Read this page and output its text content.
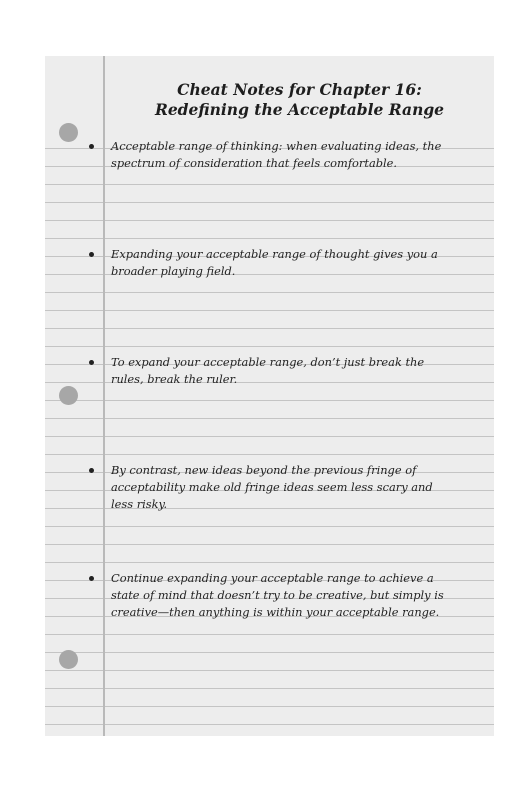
Cheat Notes for Chapter 16:
Redefining the Acceptable Range
Acceptable range of thinking: when evaluating ideas, the spectrum of consideration that feels comfortable.
Expanding your acceptable range of thought gives you a broader playing field.
To expand your acceptable range, don’t just break the rules, break the ruler.
By contrast, new ideas beyond the previous fringe of acceptability make old fringe ideas seem less scary and less risky.
Continue expanding your acceptable range to achieve a state of mind that doesn’t try to be creative, but simply is creative—then anything is within your acceptable range.
